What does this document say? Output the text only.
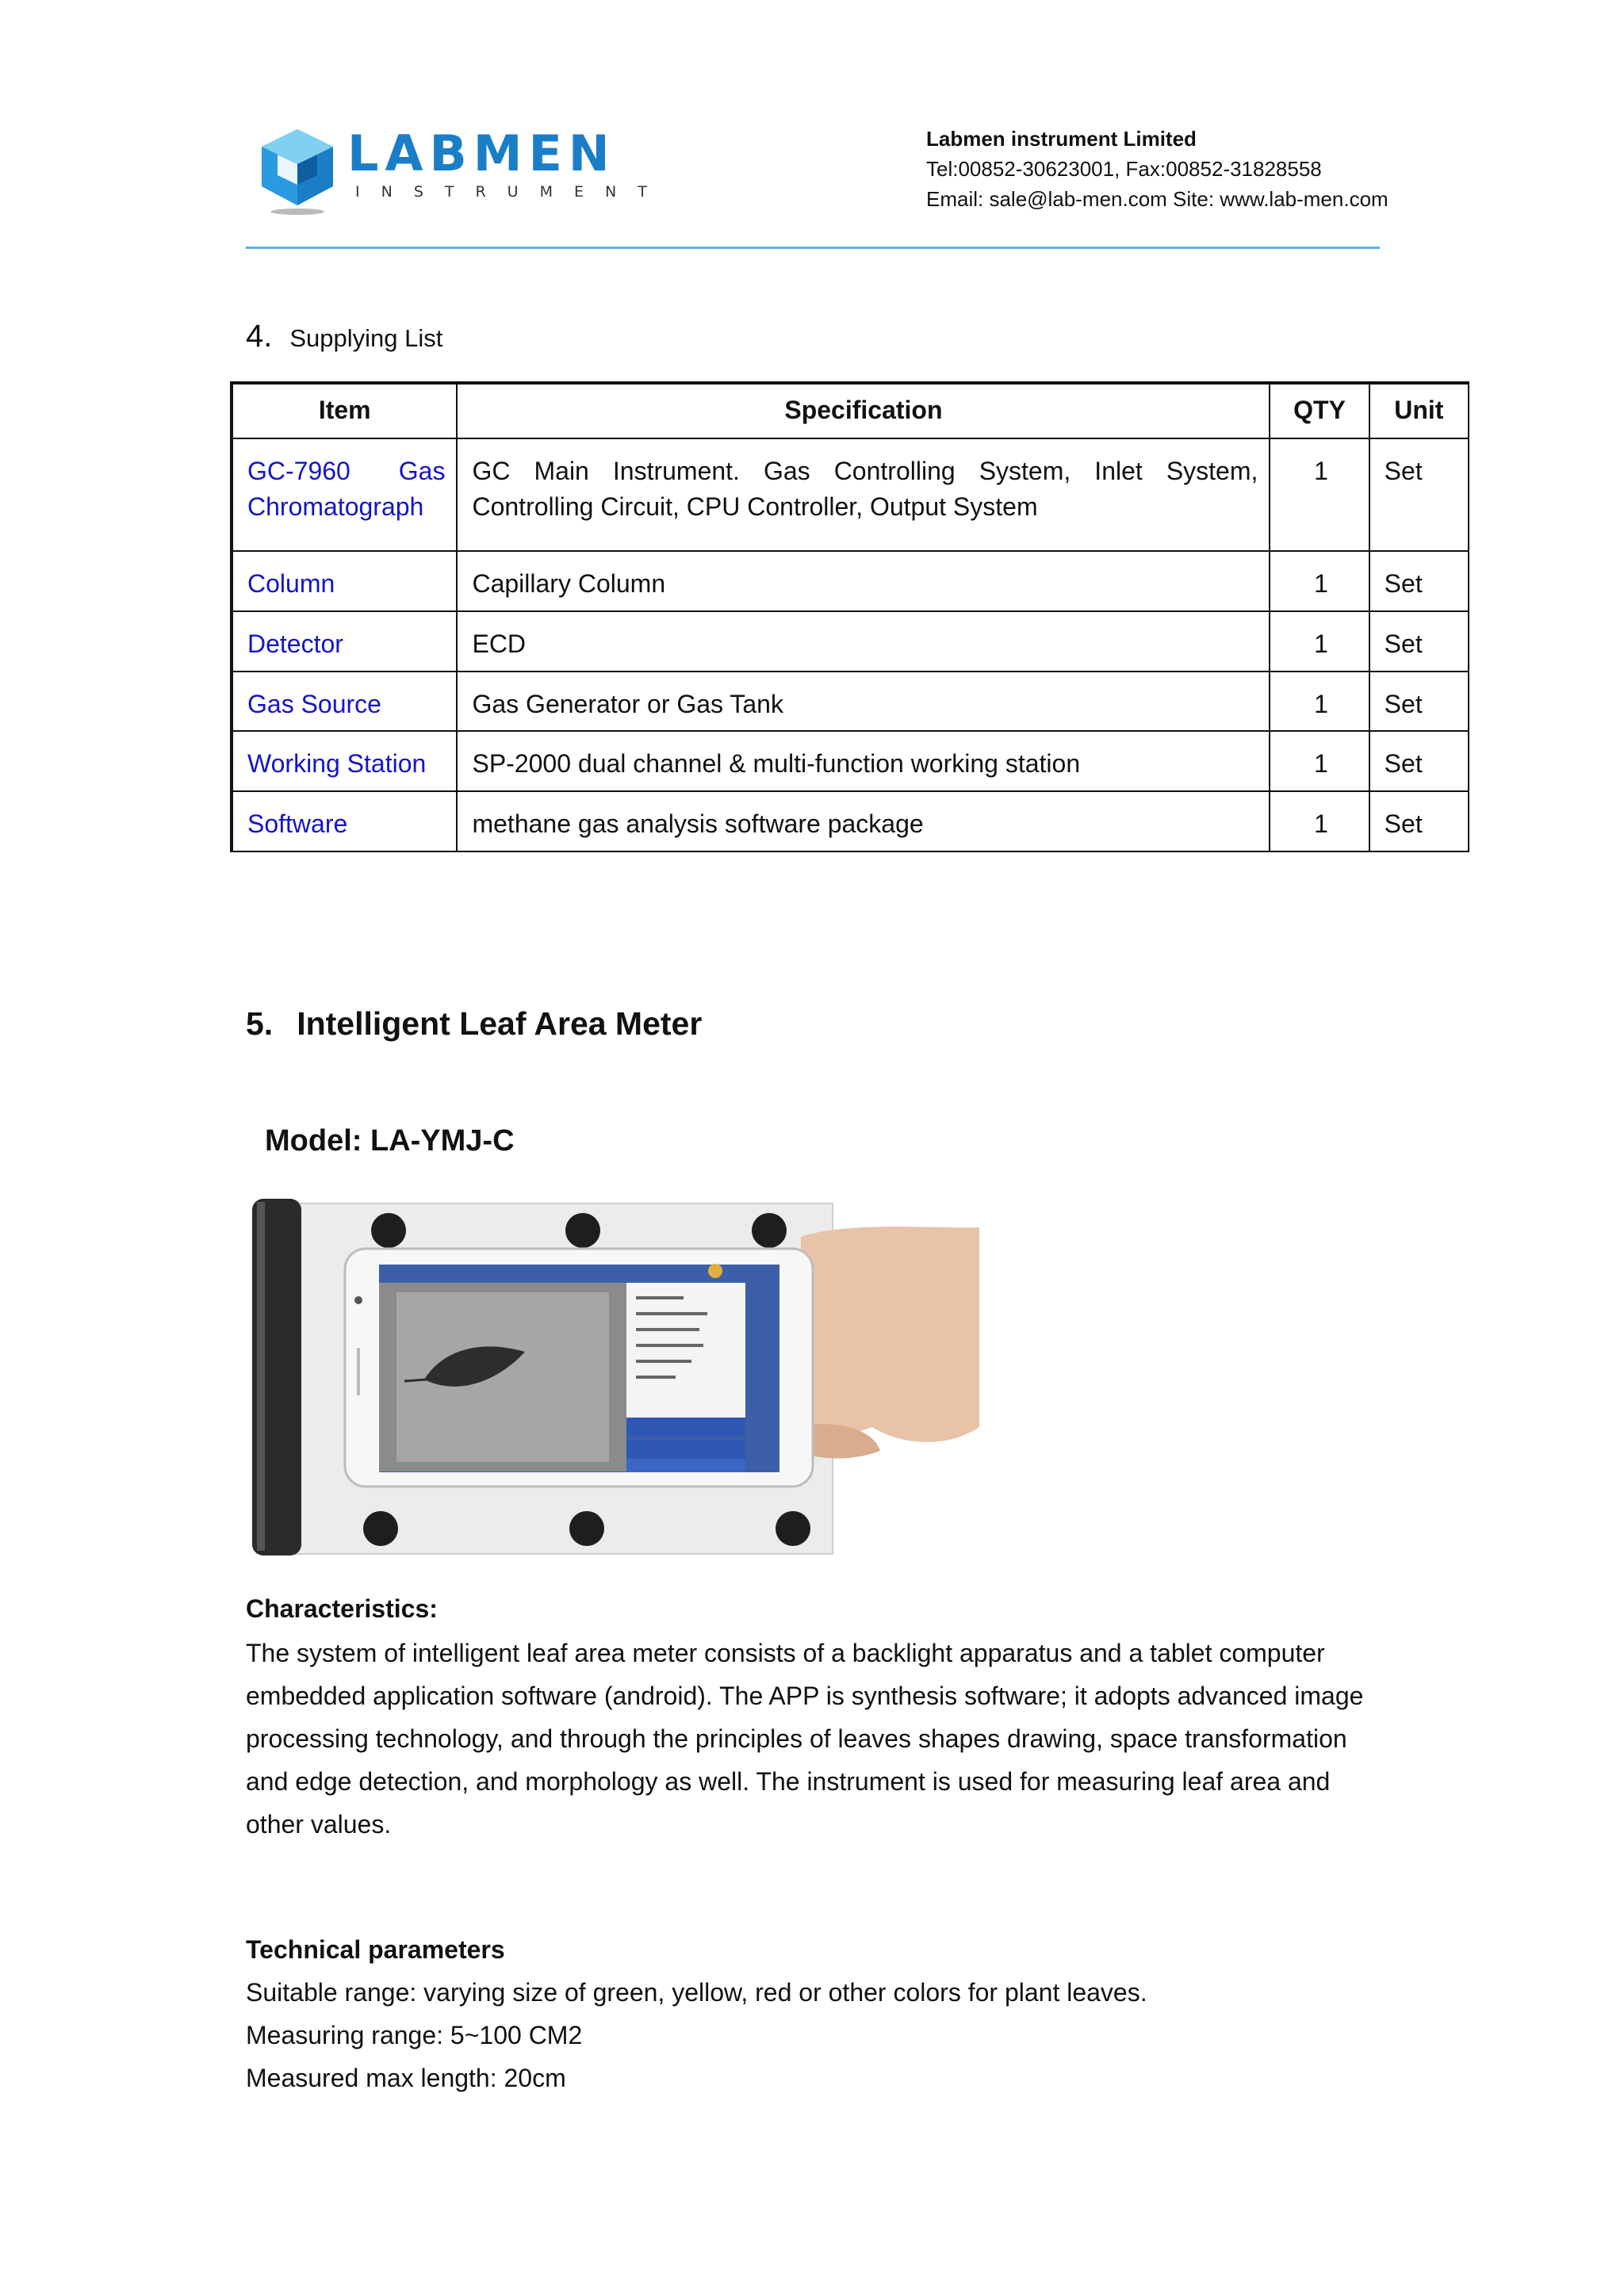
LABMEN
INSTRUMENT
Labmen instrument Limited
Tel:00852-30623001, Fax:00852-31828558
Email: sale@lab-men.com Site: www.lab-men.com
4. Supplying List
Item	Specification	QTY	Unit
GC-7960 Gas Chromatograph	GC Main Instrument. Gas Controlling System, Inlet System, Controlling Circuit, CPU Controller, Output System	1	Set
Column	Capillary Column	1	Set
Detector	ECD	1	Set
Gas Source	Gas Generator or Gas Tank	1	Set
Working Station	SP-2000 dual channel & multi-function working station	1	Set
Software	methane gas analysis software package	1	Set
5. Intelligent Leaf Area Meter
Model: LA-YMJ-C
Characteristics:
The system of intelligent leaf area meter consists of a backlight apparatus and a tablet computer embedded application software (android). The APP is synthesis software; it adopts advanced image processing technology, and through the principles of leaves shapes drawing, space transformation and edge detection, and morphology as well. The instrument is used for measuring leaf area and other values.
Technical parameters
Suitable range: varying size of green, yellow, red or other colors for plant leaves.
Measuring range: 5~100 CM2
Measured max length: 20cm
